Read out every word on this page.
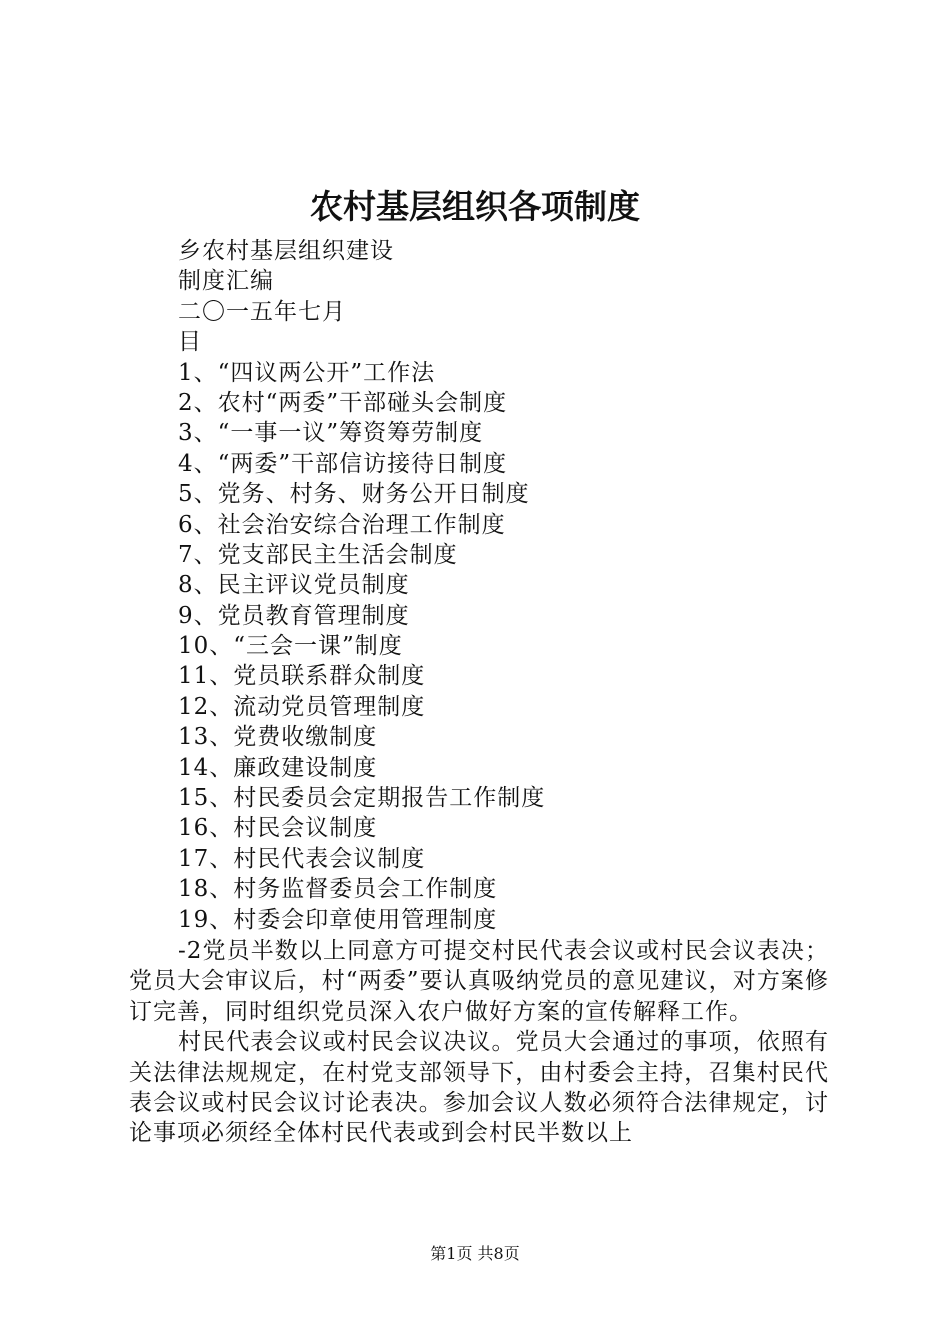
农村基层组织各项制度
乡农村基层组织建设
制度汇编
二〇一五年七月
目
1、“四议两公开”工作法
2、农村“两委”干部碰头会制度
3、“一事一议”筹资筹劳制度
4、“两委”干部信访接待日制度
5、党务、村务、财务公开日制度
6、社会治安综合治理工作制度
7、党支部民主生活会制度
8、民主评议党员制度
9、党员教育管理制度
10、“三会一课”制度
11、党员联系群众制度
12、流动党员管理制度
13、党费收缴制度
14、廉政建设制度
15、村民委员会定期报告工作制度
16、村民会议制度
17、村民代表会议制度
18、村务监督委员会工作制度
19、村委会印章使用管理制度

-2党员半数以上同意方可提交村民代表会议或村民会议表决；党员大会审议后，村“两委”要认真吸纳党员的意见建议，对方案修订完善，同时组织党员深入农户做好方案的宣传解释工作。

村民代表会议或村民会议决议。党员大会通过的事项，依照有关法律法规规定，在村党支部领导下，由村委会主持，召集村民代表会议或村民会议讨论表决。参加会议人数必须符合法律规定，讨论事项必须经全体村民代表或到会村民半数以上

第1页 共8页
